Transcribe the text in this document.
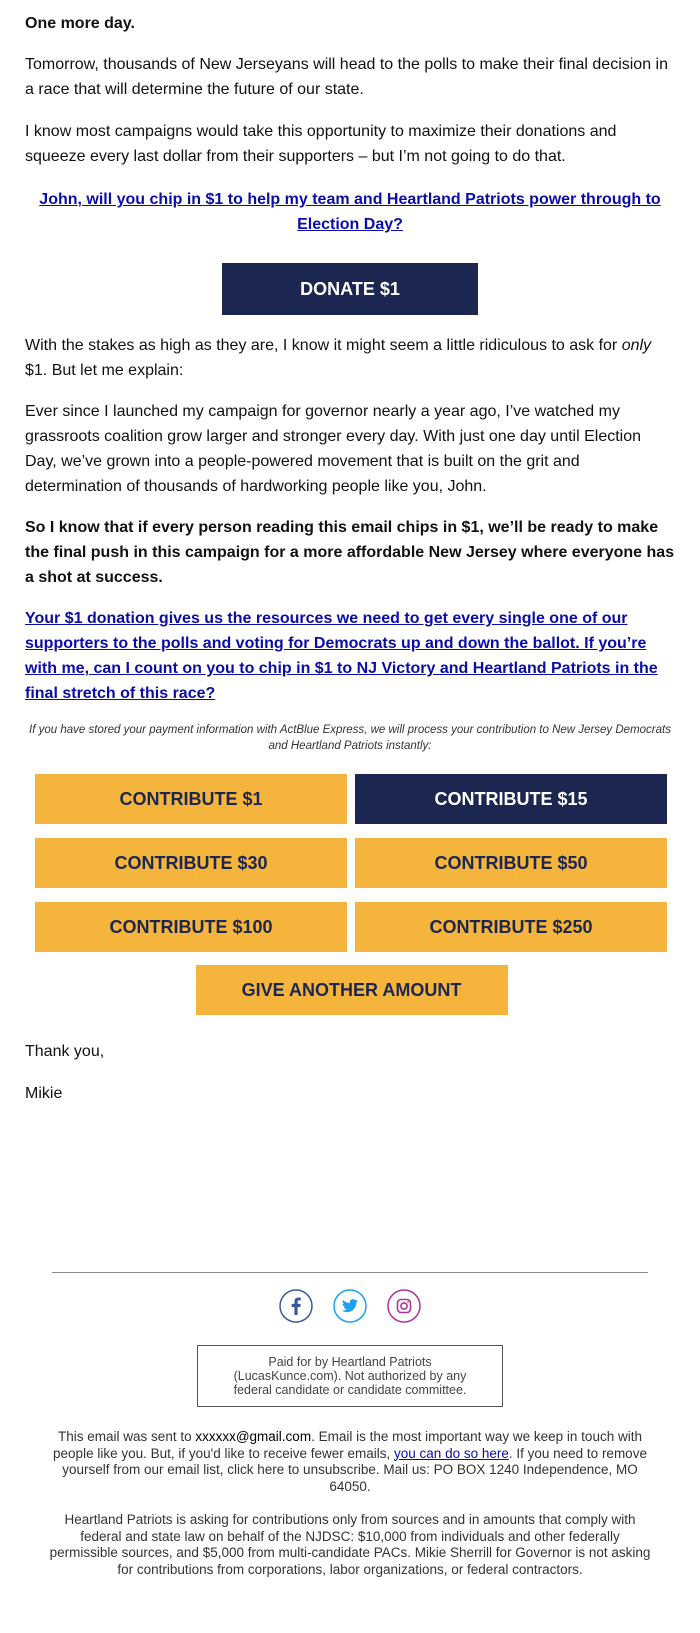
One more day.

Tomorrow, thousands of New Jerseyans will head to the polls to make their final decision in a race that will determine the future of our state.

I know most campaigns would take this opportunity to maximize their donations and squeeze every last dollar from their supporters – but I’m not going to do that.

John, will you chip in $1 to help my team and Heartland Patriots power through to Election Day?
DONATE $1

With the stakes as high as they are, I know it might seem a little ridiculous to ask for only $1. But let me explain:

Ever since I launched my campaign for governor nearly a year ago, I’ve watched my grassroots coalition grow larger and stronger every day. With just one day until Election Day, we’ve grown into a people-powered movement that is built on the grit and determination of thousands of hardworking people like you, John.

So I know that if every person reading this email chips in $1, we’ll be ready to make the final push in this campaign for a more affordable New Jersey where everyone has a shot at success.

Your $1 donation gives us the resources we need to get every single one of our supporters to the polls and voting for Democrats up and down the ballot. If you’re with me, can I count on you to chip in $1 to NJ Victory and Heartland Patriots in the final stretch of this race?

If you have stored your payment information with ActBlue Express, we will process your contribution to New Jersey Democrats and Heartland Patriots instantly:

CONTRIBUTE $1	CONTRIBUTE $15
CONTRIBUTE $30	CONTRIBUTE $50
CONTRIBUTE $100	CONTRIBUTE $250
GIVE ANOTHER AMOUNT

Thank you,

Mikie

Paid for by Heartland Patriots (LucasKunce.com). Not authorized by any federal candidate or candidate committee.

This email was sent to xxxxxx@gmail.com. Email is the most important way we keep in touch with people like you. But, if you'd like to receive fewer emails, you can do so here. If you need to remove yourself from our email list, click here to unsubscribe. Mail us: PO BOX 1240 Independence, MO 64050.

Heartland Patriots is asking for contributions only from sources and in amounts that comply with federal and state law on behalf of the NJDSC: $10,000 from individuals and other federally permissible sources, and $5,000 from multi-candidate PACs. Mikie Sherrill for Governor is not asking for contributions from corporations, labor organizations, or federal contractors.
